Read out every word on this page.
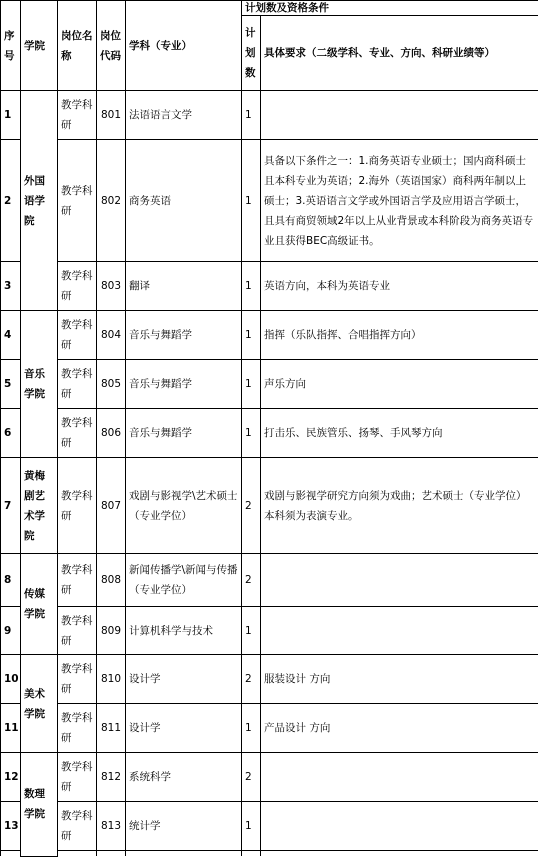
序号	学院	岗位名称	岗位代码	学科（专业）	计划数及资格条件	
					计划数	具体要求（二级学科、专业、方向、科研业绩等）
1	外国语学院	教学科研	801	法语语言文学	1	
2		教学科研	802	商务英语	1	具备以下条件之一：1.商务英语专业硕士；国内商科硕士且本科专业为英语；2.海外（英语国家）商科两年制以上硕士；3.英语语言文学或外国语言学及应用语言学硕士，且具有商贸领域2年以上从业背景或本科阶段为商务英语专业且获得BEC高级证书。
3		教学科研	803	翻译	1	英语方向，本科为英语专业
4	音乐学院	教学科研	804	音乐与舞蹈学	1	指挥（乐队指挥、合唱指挥方向）
5		教学科研	805	音乐与舞蹈学	1	声乐方向
6		教学科研	806	音乐与舞蹈学	1	打击乐、民族管乐、扬琴、手风琴方向
7	黄梅剧艺术学院	教学科研	807	戏剧与影视学\艺术硕士（专业学位）	2	戏剧与影视学研究方向须为戏曲；艺术硕士（专业学位）本科须为表演专业。
8	传媒学院	教学科研	808	新闻传播学\新闻与传播（专业学位）	2	
9		教学科研	809	计算机科学与技术	1	
10	美术学院	教学科研	810	设计学	2	服装设计 方向
11		教学科研	811	设计学	1	产品设计 方向
12	数理学院	教学科研	812	系统科学	2	
13		教学科研	813	统计学	1	
